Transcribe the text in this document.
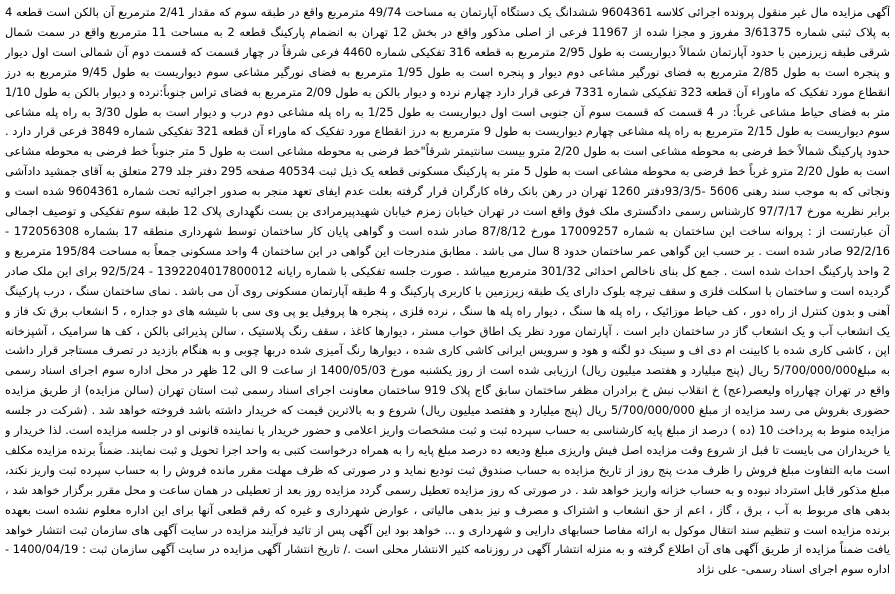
آگهی مزایده مال غیر منقول پرونده اجرائی کلاسه 9604361 ششدانگ یک دستگاه آپارتمان به مساحت 49/74 مترمربع واقع در طبقه سوم که مقدار 2/41 مترمربع آن بالکن است قطعه 4 به پلاک ثبتی شماره 3/61375 مفروز و مجزا شده از 11967 فرعی از اصلی مذکور واقع در بخش 12 تهران به انضمام پارکینگ قطعه 2 به مساحت 11 مترمربع واقع در سمت شمال شرقی طبقه زیرزمین با حدود آپارتمان شمالاً دیواریست به طول 2/95 مترمربع به قطعه 316 تفکیکی شماره 4460 فرعی شرقاً در چهار قسمت که قسمت دوم آن شمالی است اول دیوار و پنجره است به طول 2/85 مترمربع به فضای نورگیر مشاعی دوم دیوار و پنجره است به طول 1/95 مترمربع به فضای نورگیر مشاعی سوم دیواریست به طول 9/45 مترمربع به درز انقطاع مورد تفکیک که ماوراء آن قطعه 323 تفکیکی شماره 7331 فرعی قرار دارد چهارم نرده و دیوار بالکن به طول 2/09 مترمربع به فضای تراس جنوباً:نرده و دیوار بالکن به طول 1/10 متر به فضای حیاط مشاعی غرباً: در 4 قسمت که قسمت سوم آن جنوبی است اول دیواریست به طول 1/25 به راه پله مشاعی دوم درب و دیوار است به طول 3/30 به راه پله مشاعی سوم دیواریست به طول 2/15 مترمربع به راه پله مشاعی چهارم دیواریست به طول 9 مترمربع به درز انقطاع مورد تفکیک که ماوراء آن قطعه 321 تفکیکی شماره 3849 فرعی قرار دارد . حدود پارکینگ شمالاً خط فرضی به محوطه مشاعی است به طول 2/20 مترو بیست سانتیمتر شرقاً"خط فرضی به محوطه مشاعی است به طول 5 متر جنوباً خط فرضی به محوطه مشاعی است به طول 2/20 مترو غرباً خط فرضی به محوطه مشاعی است به طول 5 متر به پارکینگ مسکونی قطعه یک ذیل ثبت 40534 صفحه 295 دفتر جلد 279 متعلق به آقای جمشید دادآشی ونجاتی که به موجب سند رهنی 5606 -93/3/5دفتر 1260 تهران در رهن بانک رفاه کارگران قرار گرفته بعلت عدم ایفای تعهد منجر به صدور اجرائیه تحت شماره 9604361 شده است و برابر نظریه مورخ 97/7/17 کارشناس رسمی دادگستری ملک فوق واقع است در تهران خیابان زمزم خیابان شهیدپیرمرادی بن بست نگهداری پلاک 12 طبقه سوم تفکیکی و توصیف اجمالی آن عبارتست از : پروانه ساخت این ساختمان به شماره 17009257 مورخ 87/8/12 صادر شده است و گواهی پایان کار ساختمان توسط شهرداری منطقه 17 بشماره 172056308 - 92/2/16 صادر شده است . بر حسب این گواهی عمر ساختمان حدود 8 سال می باشد . مطابق مندرجات این گواهی در این ساختمان 4 واحد مسکونی جمعاً به مساحت 195/84 مترمربع و 2 واحد پارکینگ احداث شده است . جمع کل بنای ناخالص احداثی 301/32 مترمربع میباشد . صورت جلسه تفکیکی با شماره رایانه 1392204017800012 - 92/5/24 برای این ملک صادر گردیده است و ساختمان با اسکلت فلزی و سقف تیرچه بلوک دارای یک طبقه زیرزمین با کاربری پارکینگ و 4 طبقه آپارتمان مسکونی روی آن می باشد . نمای ساختمان سنگ ، درب پارکینگ آهنی و بدون کنترل از راه دور ، کف حیاط موزائیک ، راه پله ها سنگ ، دیوار راه پله ها سنگ ، نرده فلزی ، پنجره ها پروفیل یو پی وی سی با شیشه های دو جداره ، 5 انشعاب برق تک فاز و یک انشعاب آب و یک انشعاب گاز در ساختمان دایر است . آپارتمان مورد نظر یک اطاق خواب مستر ، دیوارها کاغذ ، سقف رنگ پلاستیک ، سالن پذیرائی بالکن ، کف ها سرامیک ، آشپزخانه اپن ، کاشی کاری شده با کابینت ام دی اف و سینک دو لگنه و هود و سرویس ایرانی کاشی کاری شده ، دیوارها رنگ آمیزی شده دربها چوبی و به هنگام بازدید در تصرف مستاجر قرار داشت به مبلغ5/700/000/000 ریال (پنج میلیارد و هفتصد میلیون ریال) ارزیابی شده است از روز یکشنبه مورخ 1400/05/03 از ساعت 9 الی 12 ظهر در محل اداره سوم اجرای اسناد رسمی واقع در تهران چهارراه ولیعصر(عج) خ انقلاب نبش خ برادران مظفر ساختمان سابق گاج پلاک 919 ساختمان معاونت اجرای اسناد رسمی ثبت استان تهران (سالن مزایده) از طریق مزایده حضوری بفروش می رسد مزایده از مبلغ 5/700/000/000 ریال (پنج میلیارد و هفتصد میلیون ریال) شروع و به بالاترین قیمت که خریدار داشته باشد فروخته خواهد شد . (شرکت در جلسه مزایده منوط به پرداخت 10 (ده ) درصد از مبلغ پایه کارشناسی به حساب سپرده ثبت و ثبت مشخصات واریز اعلامی و حضور خریدار یا نماینده قانونی او در جلسه مزایده است. لذا خریدار و یا خریداران می بایست تا قبل از شروع وقت مزایده اصل فیش واریزی مبلغ ودیعه ده درصد مبلغ پایه را به همراه درخواست کتبی به واحد اجرا تحویل و ثبت نمایند. ضمناً برنده مزایده مکلف است مابه التفاوت مبلغ فروش را ظرف مدت پنج روز از تاریخ مزایده به حساب صندوق ثبت تودیع نماید و در صورتی که ظرف مهلت مقرر مانده فروش را به حساب سپرده ثبت واریز نکند، مبلغ مذکور قابل استرداد نبوده و به حساب خزانه واریز خواهد شد . در صورتی که روز مزایده تعطیل رسمی گردد مزایده روز بعد از تعطیلی در همان ساعت و محل مقرر برگزار خواهد شد ، بدهی های مربوط به آب ، برق ، گاز ، اعم از حق انشعاب و اشتراک و مصرف و نیز بدهی مالیاتی ، عوارض شهرداری و غیره که رقم قطعی آنها برای این اداره معلوم نشده است بعهده برنده مزایده است و تنظیم سند انتقال موکول به ارائه مفاصا حسابهای دارایی و شهرداری و ... خواهد بود این آگهی پس از تائید فرآیند مزایده در سایت آگهی های سازمان ثبت انتشار خواهد یافت ضمناً مزایده از طریق آگهی های آن اطلاع گرفته و به منزله انتشار آگهی در روزنامه کثیر الانتشار محلی است ./ تاریخ انتشار آگهی مزایده در سایت آگهی سازمان ثبت : 1400/04/19 - اداره سوم اجرای اسناد رسمی- علی نژاد
